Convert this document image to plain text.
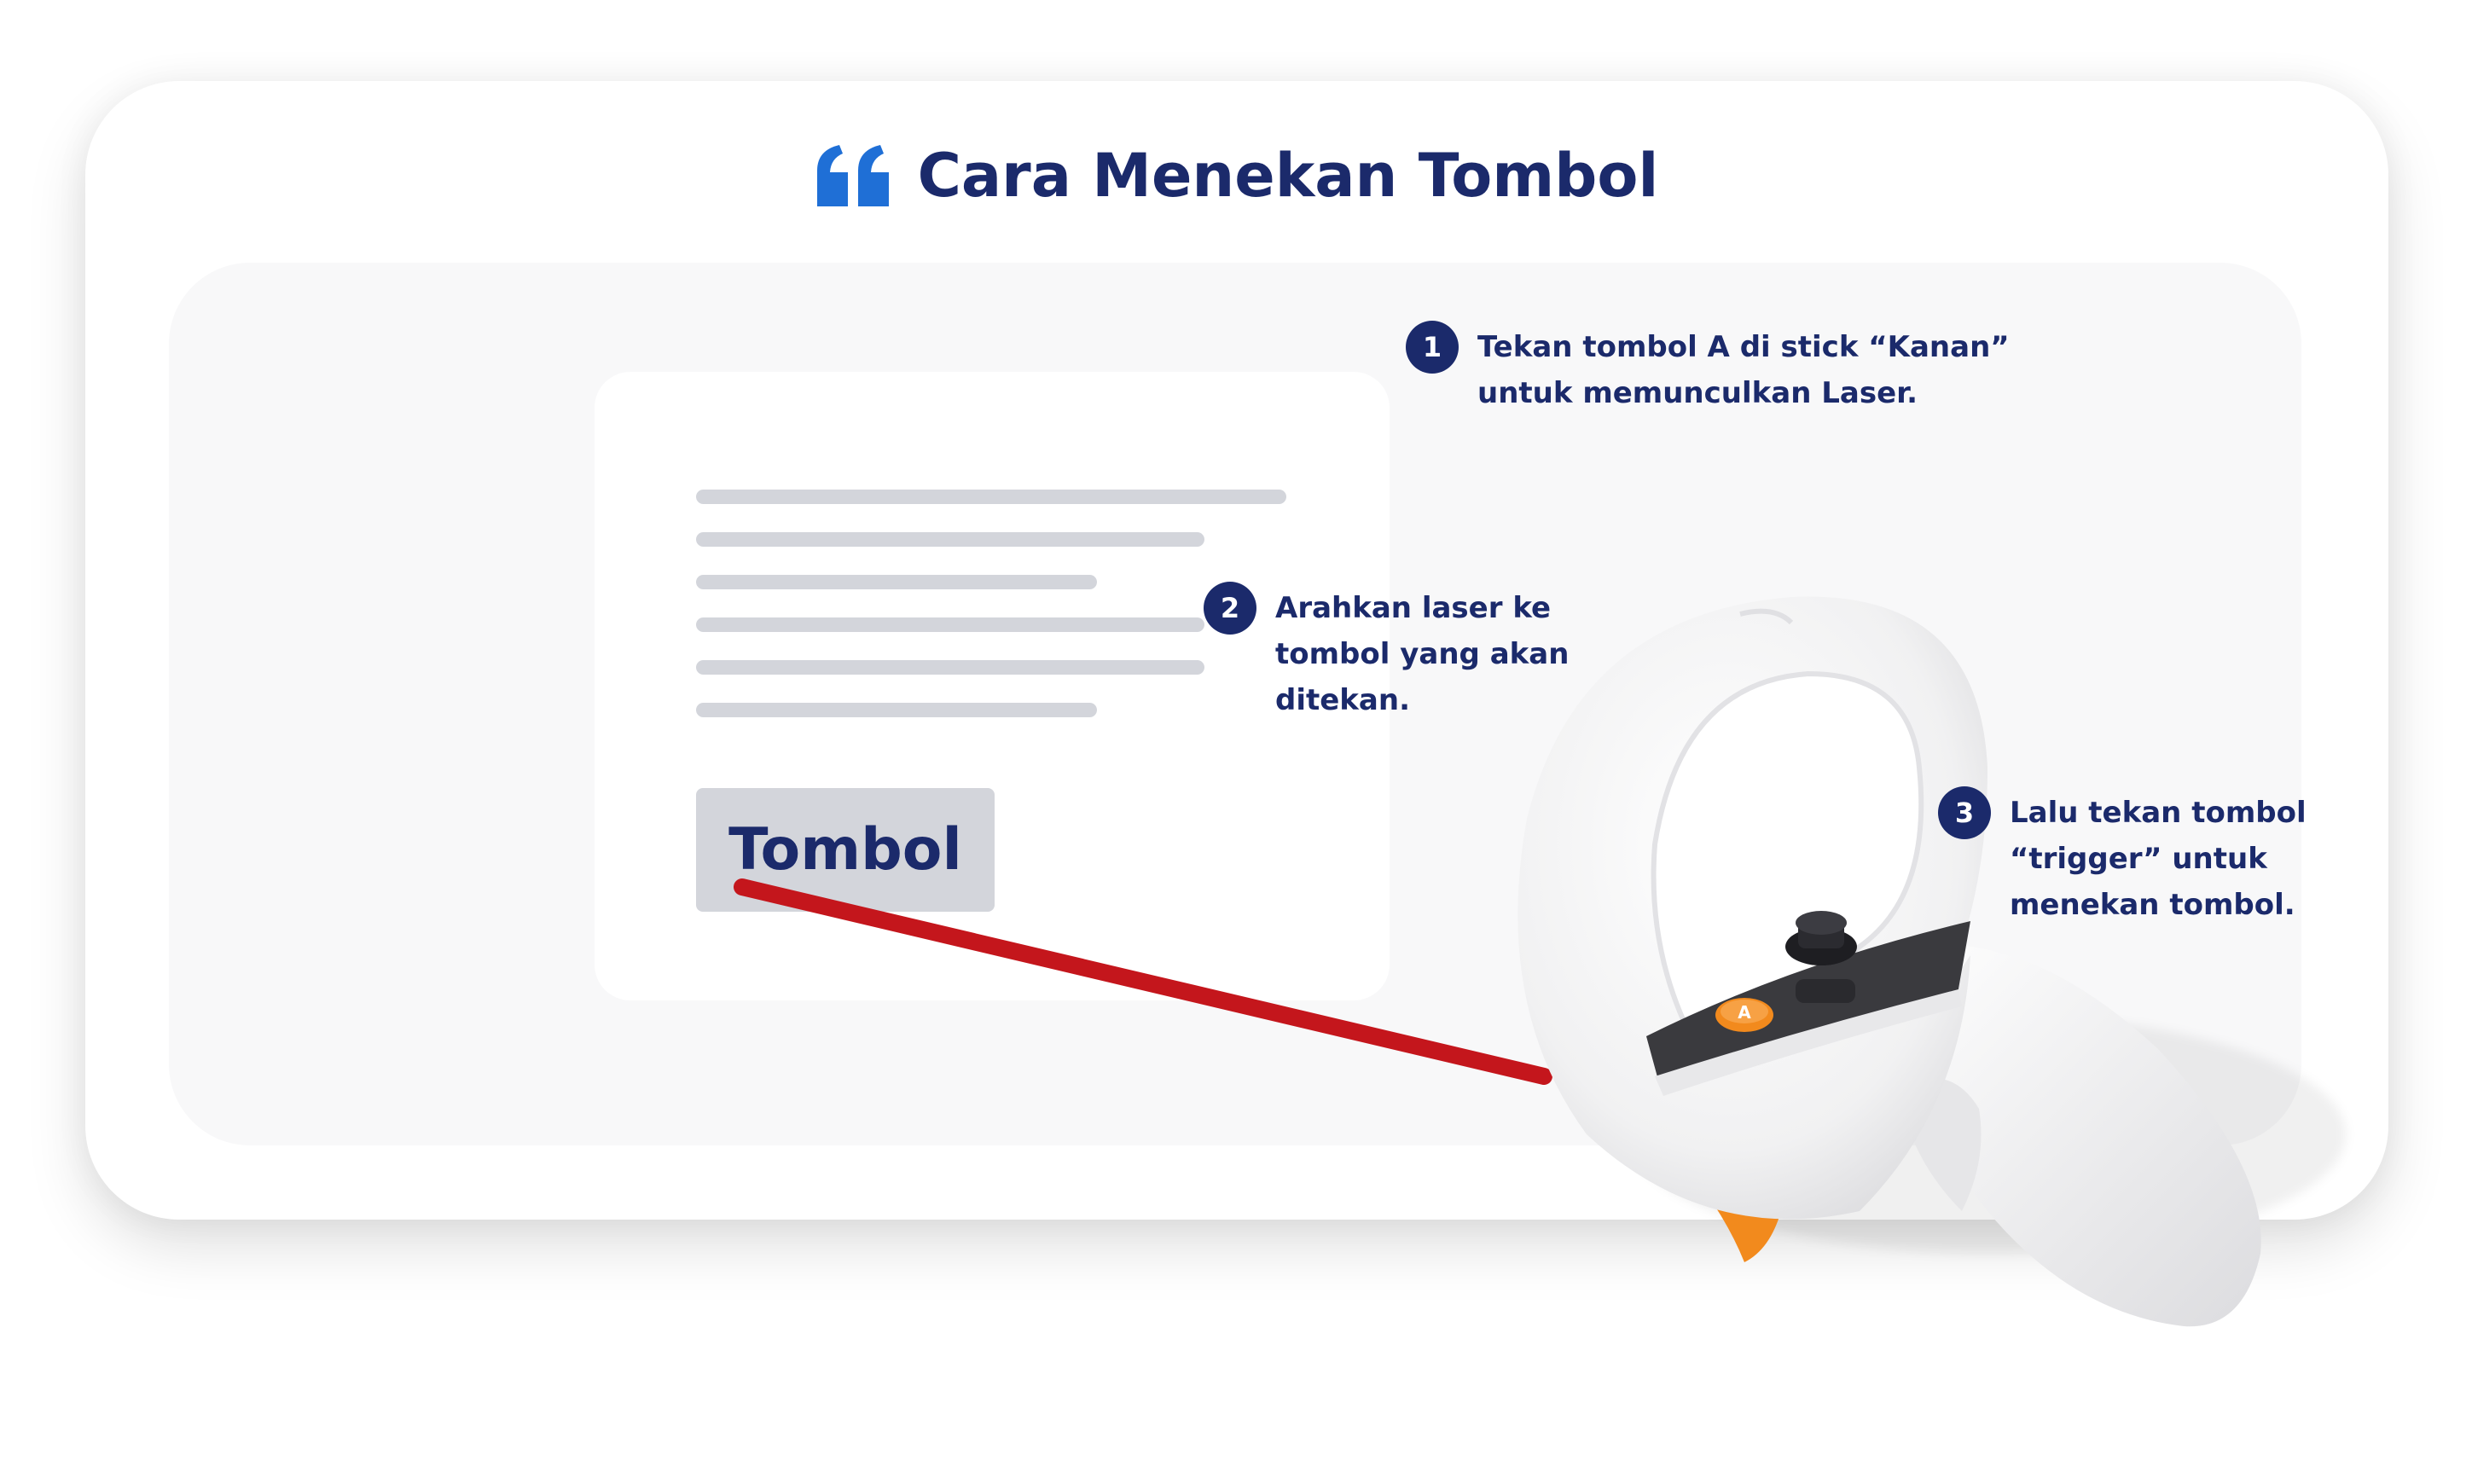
Cara Menekan Tombol
Tombol
A
1	Tekan tombol A di stick “Kanan”
untuk memunculkan Laser.
2	Arahkan laser ke
tombol yang akan
ditekan.
3	Lalu tekan tombol
“trigger” untuk
menekan tombol.
